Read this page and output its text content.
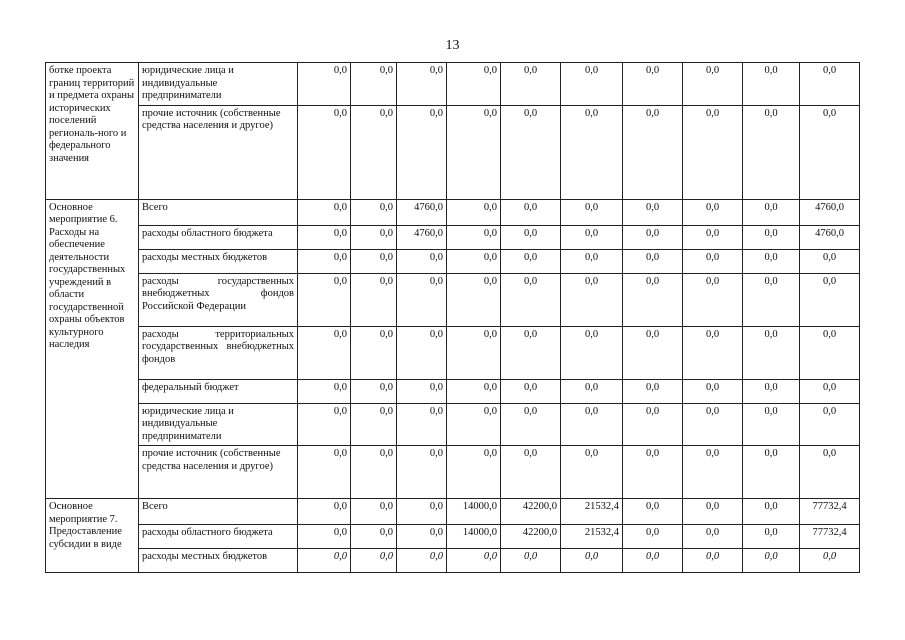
13
ботке проекта границ территорий и предмета охраны исторических поселений региональ-ного и федерального значения	юридические лица и индивидуальные предприниматели	0,0	0,0	0,0	0,0	0,0	0,0	0,0	0,0	0,0	0,0
	прочие источник (собственные средства населения и другое)	0,0	0,0	0,0	0,0	0,0	0,0	0,0	0,0	0,0	0,0
Основное мероприятие 6. Расходы на обеспечение деятельности государственных учреждений в области государственной охраны объектов культурного наследия	Всего	0,0	0,0	4760,0	0,0	0,0	0,0	0,0	0,0	0,0	4760,0
	расходы областного бюджета	0,0	0,0	4760,0	0,0	0,0	0,0	0,0	0,0	0,0	4760,0
	расходы местных бюджетов	0,0	0,0	0,0	0,0	0,0	0,0	0,0	0,0	0,0	0,0
	расходы государственных внебюджетных фондов Российской Федерации	0,0	0,0	0,0	0,0	0,0	0,0	0,0	0,0	0,0	0,0
	расходы территориальных государственных внебюджетных фондов	0,0	0,0	0,0	0,0	0,0	0,0	0,0	0,0	0,0	0,0
	федеральный бюджет	0,0	0,0	0,0	0,0	0,0	0,0	0,0	0,0	0,0	0,0
	юридические лица и индивидуальные предприниматели	0,0	0,0	0,0	0,0	0,0	0,0	0,0	0,0	0,0	0,0
	прочие источник (собственные средства населения и другое)	0,0	0,0	0,0	0,0	0,0	0,0	0,0	0,0	0,0	0,0
Основное мероприятие 7. Предоставление субсидии в виде	Всего	0,0	0,0	0,0	14000,0	42200,0	21532,4	0,0	0,0	0,0	77732,4
	расходы областного бюджета	0,0	0,0	0,0	14000,0	42200,0	21532,4	0,0	0,0	0,0	77732,4
	расходы местных бюджетов	0,0	0,0	0,0	0,0	0,0	0,0	0,0	0,0	0,0	0,0
